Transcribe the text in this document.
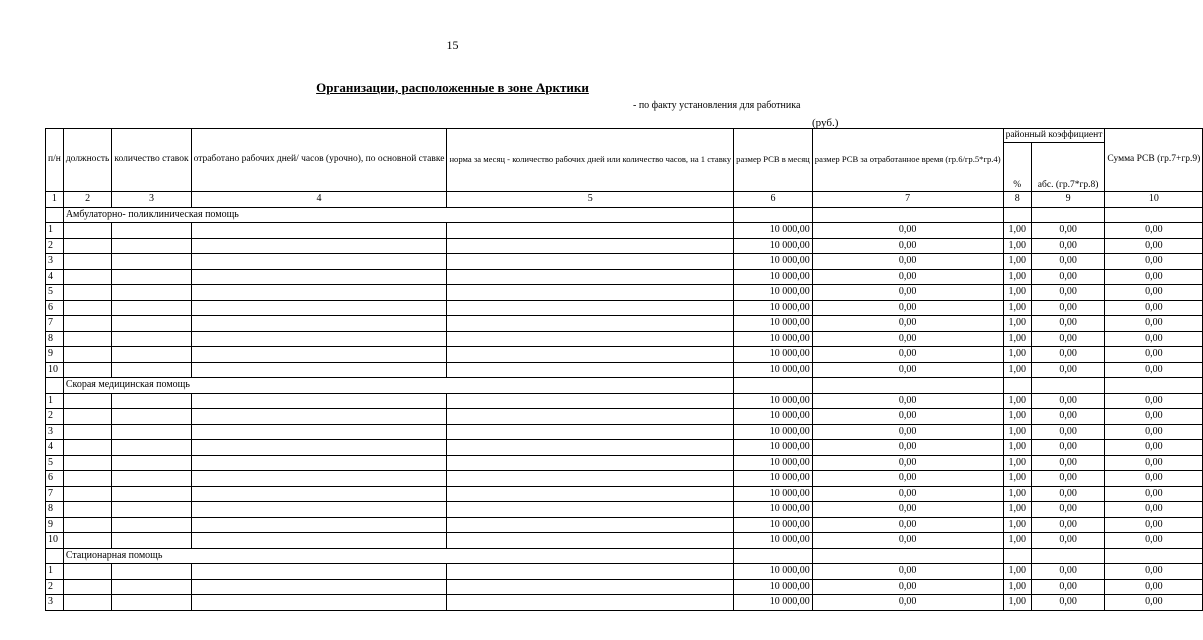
15
Организации, расположенные в зоне Арктики
- по факту установления для работника
(руб.)
п/н	должность	количество ставок	отработано рабочих дней/ часов (урочно), по основной ставке	норма за месяц - количество рабочих дней или количество часов, на 1 ставку	размер РСВ в месяц	размер РСВ за отработанное время (гр.6/гр.5*гр.4)	районный коэффициент		Сумма РСВ (гр.7+гр.9)
							%	абс. (гр.7*гр.8)	
1	2	3	4	5	6	7	8	9	10
	Амбулаторно- поликлиническая помощь								
1					10 000,00	0,00	1,00	0,00	0,00
2					10 000,00	0,00	1,00	0,00	0,00
3					10 000,00	0,00	1,00	0,00	0,00
4					10 000,00	0,00	1,00	0,00	0,00
5					10 000,00	0,00	1,00	0,00	0,00
6					10 000,00	0,00	1,00	0,00	0,00
7					10 000,00	0,00	1,00	0,00	0,00
8					10 000,00	0,00	1,00	0,00	0,00
9					10 000,00	0,00	1,00	0,00	0,00
10					10 000,00	0,00	1,00	0,00	0,00
	Скорая медицинская помощь								
1					10 000,00	0,00	1,00	0,00	0,00
2					10 000,00	0,00	1,00	0,00	0,00
3					10 000,00	0,00	1,00	0,00	0,00
4					10 000,00	0,00	1,00	0,00	0,00
5					10 000,00	0,00	1,00	0,00	0,00
6					10 000,00	0,00	1,00	0,00	0,00
7					10 000,00	0,00	1,00	0,00	0,00
8					10 000,00	0,00	1,00	0,00	0,00
9					10 000,00	0,00	1,00	0,00	0,00
10					10 000,00	0,00	1,00	0,00	0,00
	Стационарная помощь								
1					10 000,00	0,00	1,00	0,00	0,00
2					10 000,00	0,00	1,00	0,00	0,00
3					10 000,00	0,00	1,00	0,00	0,00
